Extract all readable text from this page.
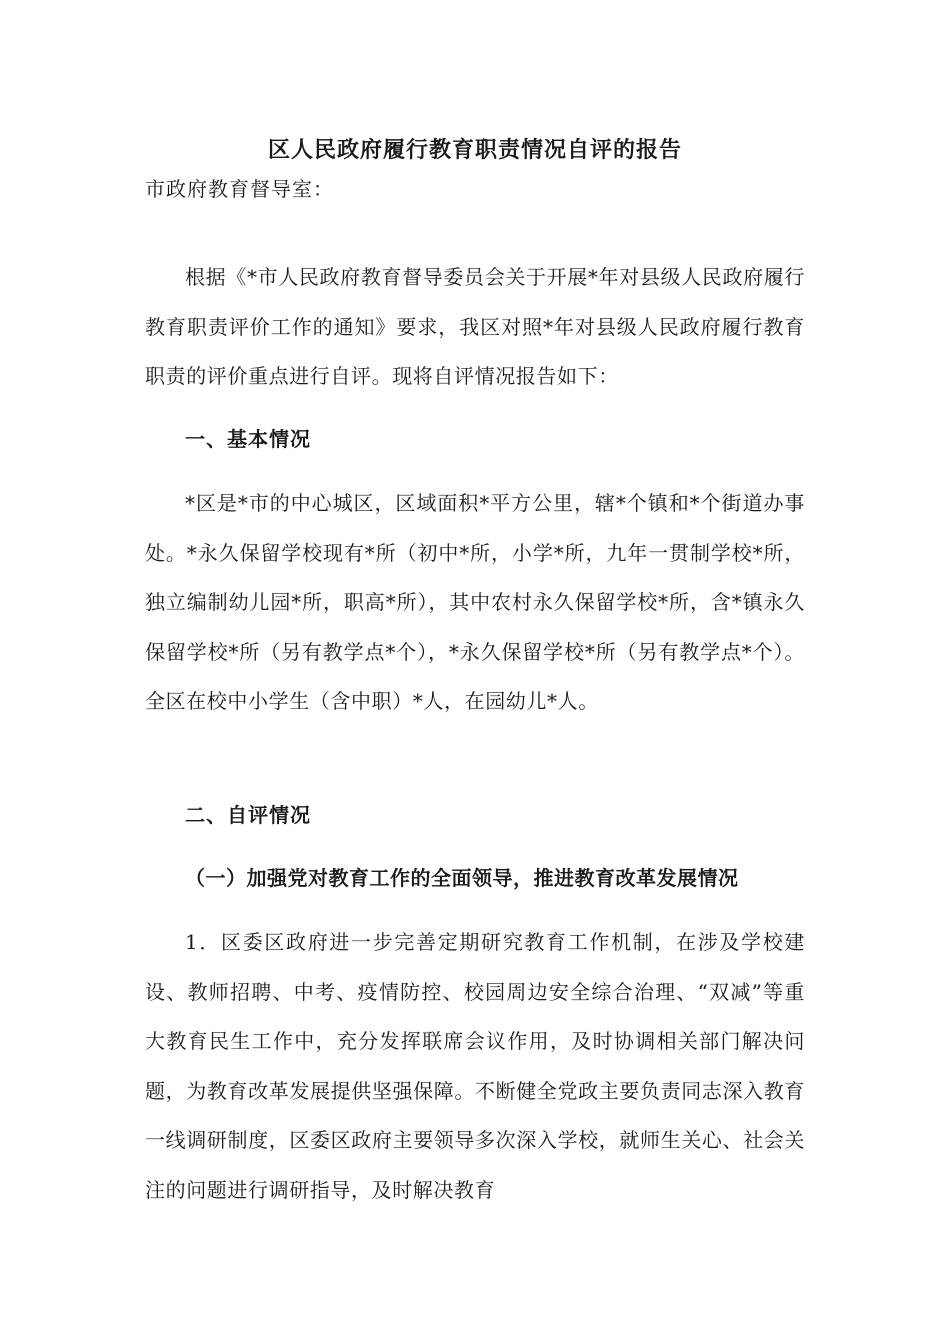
区人民政府履行教育职责情况自评的报告
市政府教育督导室：
根据《*市人民政府教育督导委员会关于开展*年对县级人民政府履行教育职责评价工作的通知》要求，我区对照*年对县级人民政府履行教育职责的评价重点进行自评。现将自评情况报告如下：
一、基本情况
*区是*市的中心城区，区域面积*平方公里，辖*个镇和*个街道办事处。*永久保留学校现有*所（初中*所，小学*所，九年一贯制学校*所，独立编制幼儿园*所，职高*所），其中农村永久保留学校*所，含*镇永久保留学校*所（另有教学点*个），*永久保留学校*所（另有教学点*个）。全区在校中小学生（含中职）*人，在园幼儿*人。
二、自评情况
（一）加强党对教育工作的全面领导，推进教育改革发展情况
1．区委区政府进一步完善定期研究教育工作机制，在涉及学校建设、教师招聘、中考、疫情防控、校园周边安全综合治理、“双减”等重大教育民生工作中，充分发挥联席会议作用，及时协调相关部门解决问题，为教育改革发展提供坚强保障。不断健全党政主要负责同志深入教育一线调研制度，区委区政府主要领导多次深入学校，就师生关心、社会关注的问题进行调研指导，及时解决教育
